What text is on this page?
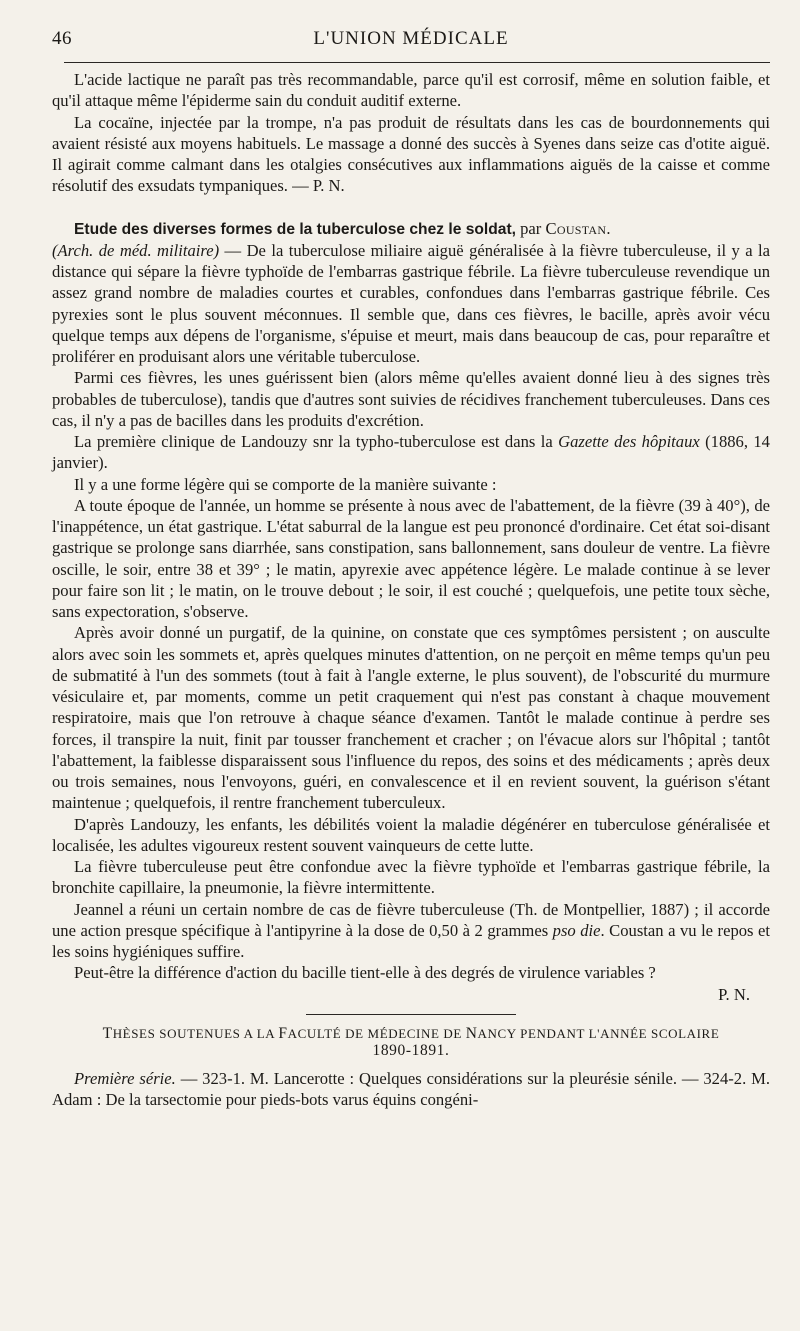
46	L'UNION MÉDICALE

L'acide lactique ne paraît pas très recommandable, parce qu'il est corrosif, même en solution faible, et qu'il attaque même l'épiderme sain du conduit auditif externe.

La cocaïne, injectée par la trompe, n'a pas produit de résultats dans les cas de bourdonnements qui avaient résisté aux moyens habituels. Le massage a donné des succès à Syenes dans seize cas d'otite aiguë. Il agirait comme calmant dans les otalgies consécutives aux inflammations aiguës de la caisse et comme résolutif des exsudats tympaniques. — P. N.

Etude des diverses formes de la tuberculose chez le soldat, par Coustan.

(Arch. de méd. militaire) — De la tuberculose miliaire aiguë généralisée à la fièvre tuberculeuse, il y a la distance qui sépare la fièvre typhoïde de l'embarras gastrique fébrile. La fièvre tuberculeuse revendique un assez grand nombre de maladies courtes et curables, confondues dans l'embarras gastrique fébrile. Ces pyrexies sont le plus souvent méconnues. Il semble que, dans ces fièvres, le bacille, après avoir vécu quelque temps aux dépens de l'organisme, s'épuise et meurt, mais dans beaucoup de cas, pour reparaître et proliférer en produisant alors une véritable tuberculose.

Parmi ces fièvres, les unes guérissent bien (alors même qu'elles avaient donné lieu à des signes très probables de tuberculose), tandis que d'autres sont suivies de récidives franchement tuberculeuses. Dans ces cas, il n'y a pas de bacilles dans les produits d'excrétion.

La première clinique de Landouzy snr la typho-tuberculose est dans la Gazette des hôpitaux (1886, 14 janvier).

Il y a une forme légère qui se comporte de la manière suivante :

A toute époque de l'année, un homme se présente à nous avec de l'abattement, de la fièvre (39 à 40°), de l'inappétence, un état gastrique. L'état saburral de la langue est peu prononcé d'ordinaire. Cet état soi-disant gastrique se prolonge sans diarrhée, sans constipation, sans ballonnement, sans douleur de ventre. La fièvre oscille, le soir, entre 38 et 39° ; le matin, apyrexie avec appétence légère. Le malade continue à se lever pour faire son lit ; le matin, on le trouve debout ; le soir, il est couché ; quelquefois, une petite toux sèche, sans expectoration, s'observe.

Après avoir donné un purgatif, de la quinine, on constate que ces symptômes persistent ; on ausculte alors avec soin les sommets et, après quelques minutes d'attention, on ne perçoit en même temps qu'un peu de submatité à l'un des sommets (tout à fait à l'angle externe, le plus souvent), de l'obscurité du murmure vésiculaire et, par moments, comme un petit craquement qui n'est pas constant à chaque mouvement respiratoire, mais que l'on retrouve à chaque séance d'examen. Tantôt le malade continue à perdre ses forces, il transpire la nuit, finit par tousser franchement et cracher ; on l'évacue alors sur l'hôpital ; tantôt l'abattement, la faiblesse disparaissent sous l'influence du repos, des soins et des médicaments ; après deux ou trois semaines, nous l'envoyons, guéri, en convalescence et il en revient souvent, la guérison s'étant maintenue ; quelquefois, il rentre franchement tuberculeux.

D'après Landouzy, les enfants, les débilités voient la maladie dégénérer en tuberculose généralisée et localisée, les adultes vigoureux restent souvent vainqueurs de cette lutte.

La fièvre tuberculeuse peut être confondue avec la fièvre typhoïde et l'embarras gastrique fébrile, la bronchite capillaire, la pneumonie, la fièvre intermittente.

Jeannel a réuni un certain nombre de cas de fièvre tuberculeuse (Th. de Montpellier, 1887) ; il accorde une action presque spécifique à l'antipyrine à la dose de 0,50 à 2 grammes pso die. Coustan a vu le repos et les soins hygiéniques suffire.

Peut-être la différence d'action du bacille tient-elle à des degrés de virulence variables ?

P. N.

THÈSES SOUTENUES A LA FACULTÉ DE MÉDECINE DE NANCY PENDANT L'ANNÉE SCOLAIRE
1890-1891.

Première série. — 323-1. M. Lancerotte : Quelques considérations sur la pleurésie sénile. — 324-2. M. Adam : De la tarsectomie pour pieds-bots varus équins congéni-
